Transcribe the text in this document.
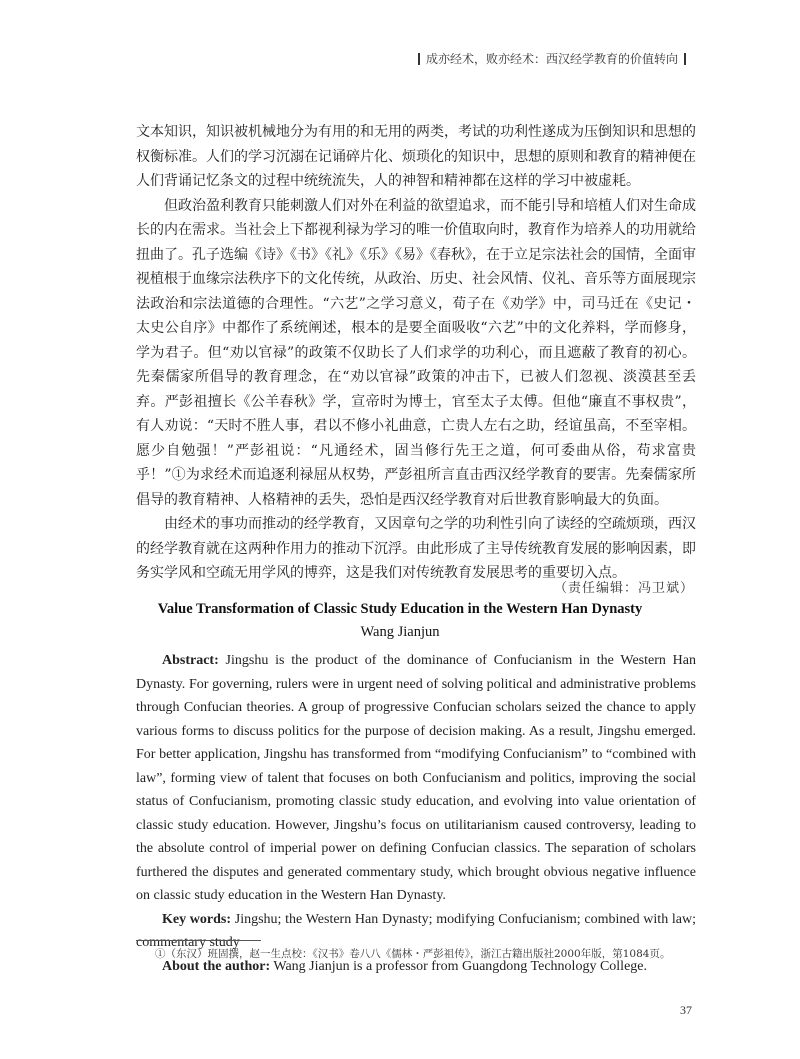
成亦经术，败亦经术：西汉经学教育的价值转向

文本知识，知识被机械地分为有用的和无用的两类，考试的功利性遂成为压倒知识和思想的权衡标准。人们的学习沉溺在记诵碎片化、烦琐化的知识中，思想的原则和教育的精神便在人们背诵记忆条文的过程中统统流失，人的神智和精神都在这样的学习中被虚耗。

但政治盈利教育只能刺激人们对外在利益的欲望追求，而不能引导和培植人们对生命成长的内在需求。当社会上下都视利禄为学习的唯一价值取向时，教育作为培养人的功用就给扭曲了。孔子选编《诗》《书》《礼》《乐》《易》《春秋》，在于立足宗法社会的国情，全面审视植根于血缘宗法秩序下的文化传统，从政治、历史、社会风情、仪礼、音乐等方面展现宗法政治和宗法道德的合理性。“六艺”之学习意义，荀子在《劝学》中，司马迁在《史记・太史公自序》中都作了系统阐述，根本的是要全面吸收“六艺”中的文化养料，学而修身，学为君子。但“劝以官禄”的政策不仅助长了人们求学的功利心，而且遮蔽了教育的初心。先秦儒家所倡导的教育理念，在“劝以官禄”政策的冲击下，已被人们忽视、淡漠甚至丢弃。严彭祖擅长《公羊春秋》学，宣帝时为博士，官至太子太傅。但他“廉直不事权贵”，有人劝说：“天时不胜人事，君以不修小礼曲意，亡贵人左右之助，经谊虽高，不至宰相。愿少自勉强！”严彭祖说：“凡通经术，固当修行先王之道，何可委曲从俗，苟求富贵乎！”①为求经术而追逐利禄屈从权势，严彭祖所言直击西汉经学教育的要害。先秦儒家所倡导的教育精神、人格精神的丢失，恐怕是西汉经学教育对后世教育影响最大的负面。

由经术的事功而推动的经学教育，又因章句之学的功利性引向了读经的空疏烦琐，西汉的经学教育就在这两种作用力的推动下沉浮。由此形成了主导传统教育发展的影响因素，即务实学风和空疏无用学风的博弈，这是我们对传统教育发展思考的重要切入点。

（责任编辑：冯卫斌）
Value Transformation of Classic Study Education in the Western Han Dynasty
Wang Jianjun

Abstract: Jingshu is the product of the dominance of Confucianism in the Western Han Dynasty. For governing, rulers were in urgent need of solving political and administrative problems through Confucian theories. A group of progressive Confucian scholars seized the chance to apply various forms to discuss politics for the purpose of decision making. As a result, Jingshu emerged. For better application, Jingshu has transformed from “modifying Confucianism” to “combined with law”, forming view of talent that focuses on both Confucianism and politics, improving the social status of Confucianism, promoting classic study education, and evolving into value orientation of classic study education. However, Jingshu’s focus on utilitarianism caused controversy, leading to the absolute control of imperial power on defining Confucian classics. The separation of scholars furthered the disputes and generated commentary study, which brought obvious negative influence on classic study education in the Western Han Dynasty.

Key words: Jingshu; the Western Han Dynasty; modifying Confucianism; combined with law; commentary study

About the author: Wang Jianjun is a professor from Guangdong Technology College.

①（东汉）班固撰，赵一生点校：《汉书》卷八八《儒林・严彭祖传》，浙江古籍出版社2000年版，第1084页。
37
